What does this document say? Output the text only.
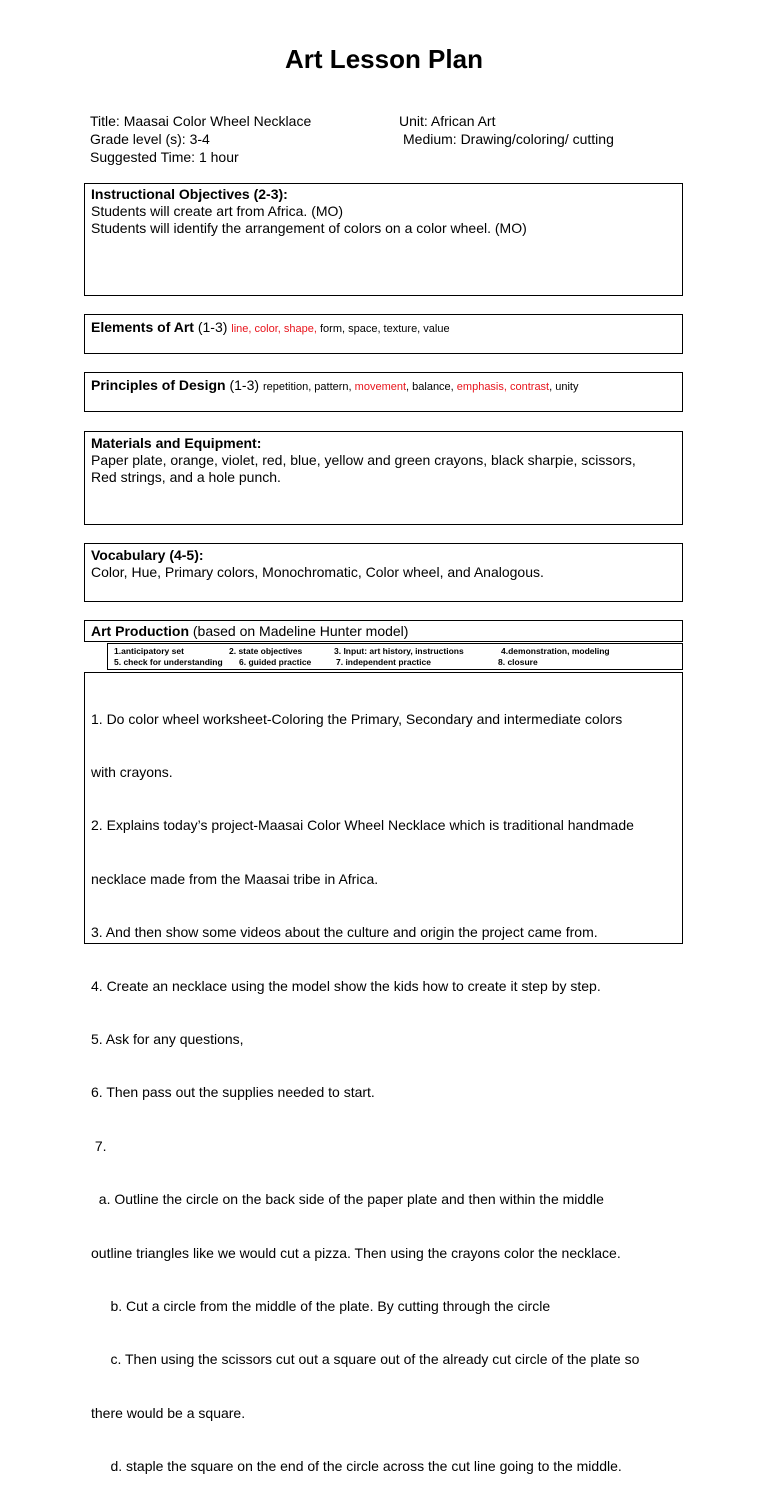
Art Lesson Plan
Title: Maasai Color Wheel Necklace	Unit: African Art
Grade level (s): 3-4	Medium: Drawing/coloring/ cutting
Suggested Time: 1 hour
Instructional Objectives (2-3):
Students will create art from Africa. (MO)
Students will identify the arrangement of colors on a color wheel. (MO)
Elements of Art (1-3) line, color, shape, form, space, texture, value
Principles of Design (1-3) repetition, pattern, movement, balance, emphasis, contrast, unity
Materials and Equipment:
Paper plate, orange, violet, red, blue, yellow and green crayons, black sharpie, scissors,
Red strings, and a hole punch.
Vocabulary (4-5):
Color, Hue, Primary colors, Monochromatic, Color wheel, and Analogous.
Art Production (based on Madeline Hunter model)
1.anticipatory set	2. state objectives	3. Input: art history, instructions	4.demonstration, modeling
5. check for understanding 6. guided practice	7. independent practice	8. closure

1. Do color wheel worksheet-Coloring the Primary, Secondary and intermediate colors

with crayons.

2. Explains today’s project-Maasai Color Wheel Necklace which is traditional handmade

necklace made from the Maasai tribe in Africa.

3. And then show some videos about the culture and origin the project came from.

4. Create an necklace using the model show the kids how to create it step by step.

5. Ask for any questions,

6. Then pass out the supplies needed to start.

7.

a. Outline the circle on the back side of the paper plate and then within the middle

outline triangles like we would cut a pizza. Then using the crayons color the necklace.

b. Cut a circle from the middle of the plate. By cutting through the circle

c. Then using the scissors cut out a square out of the already cut circle of the plate so

there would be a square.

d. staple the square on the end of the circle across the cut line going to the middle.
